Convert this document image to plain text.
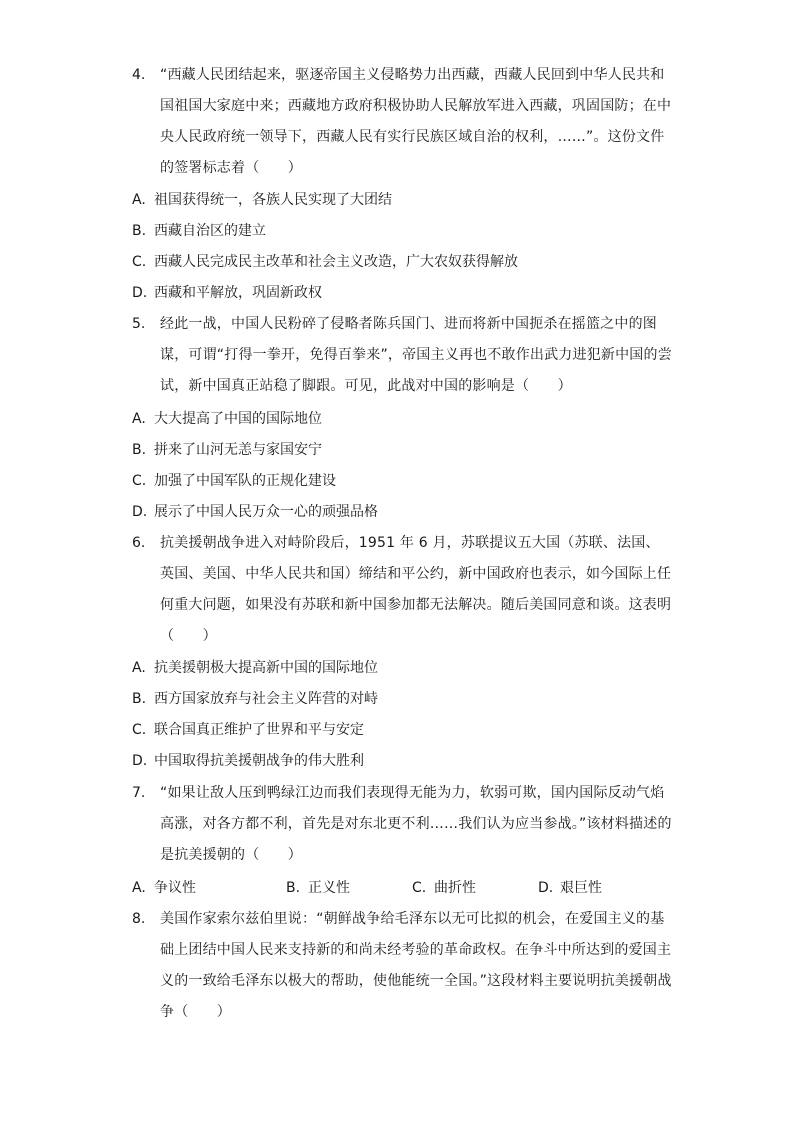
4. “西藏人民团结起来，驱逐帝国主义侵略势力出西藏，西藏人民回到中华人民共和国祖国大家庭中来；西藏地方政府积极协助人民解放军进入西藏，巩固国防；在中央人民政府统一领导下，西藏人民有实行民族区域自治的权利，……”。这份文件的签署标志着（　　）
A. 祖国获得统一，各族人民实现了大团结
B. 西藏自治区的建立
C. 西藏人民完成民主改革和社会主义改造，广大农奴获得解放
D. 西藏和平解放，巩固新政权
5. 经此一战，中国人民粉碎了侵略者陈兵国门、进而将新中国扼杀在摇篮之中的图谋，可谓“打得一拳开，免得百拳来”，帝国主义再也不敢作出武力进犯新中国的尝试，新中国真正站稳了脚跟。可见，此战对中国的影响是（　　）
A. 大大提高了中国的国际地位
B. 拼来了山河无恙与家国安宁
C. 加强了中国军队的正规化建设
D. 展示了中国人民万众一心的顽强品格
6. 抗美援朝战争进入对峙阶段后，1951 年 6 月，苏联提议五大国（苏联、法国、英国、美国、中华人民共和国）缔结和平公约，新中国政府也表示，如今国际上任何重大问题，如果没有苏联和新中国参加都无法解决。随后美国同意和谈。这表明（　　）
A. 抗美援朝极大提高新中国的国际地位
B. 西方国家放弃与社会主义阵营的对峙
C. 联合国真正维护了世界和平与安定
D. 中国取得抗美援朝战争的伟大胜利
7. “如果让敌人压到鸭绿江边而我们表现得无能为力，软弱可欺，国内国际反动气焰高涨，对各方都不利，首先是对东北更不利……我们认为应当参战。”该材料描述的是抗美援朝的（　　）
A. 争议性	B. 正义性	C. 曲折性	D. 艰巨性
8. 美国作家索尔兹伯里说：“朝鲜战争给毛泽东以无可比拟的机会，在爱国主义的基础上团结中国人民来支持新的和尚未经考验的革命政权。在争斗中所达到的爱国主义的一致给毛泽东以极大的帮助，使他能统一全国。”这段材料主要说明抗美援朝战争（　　）
